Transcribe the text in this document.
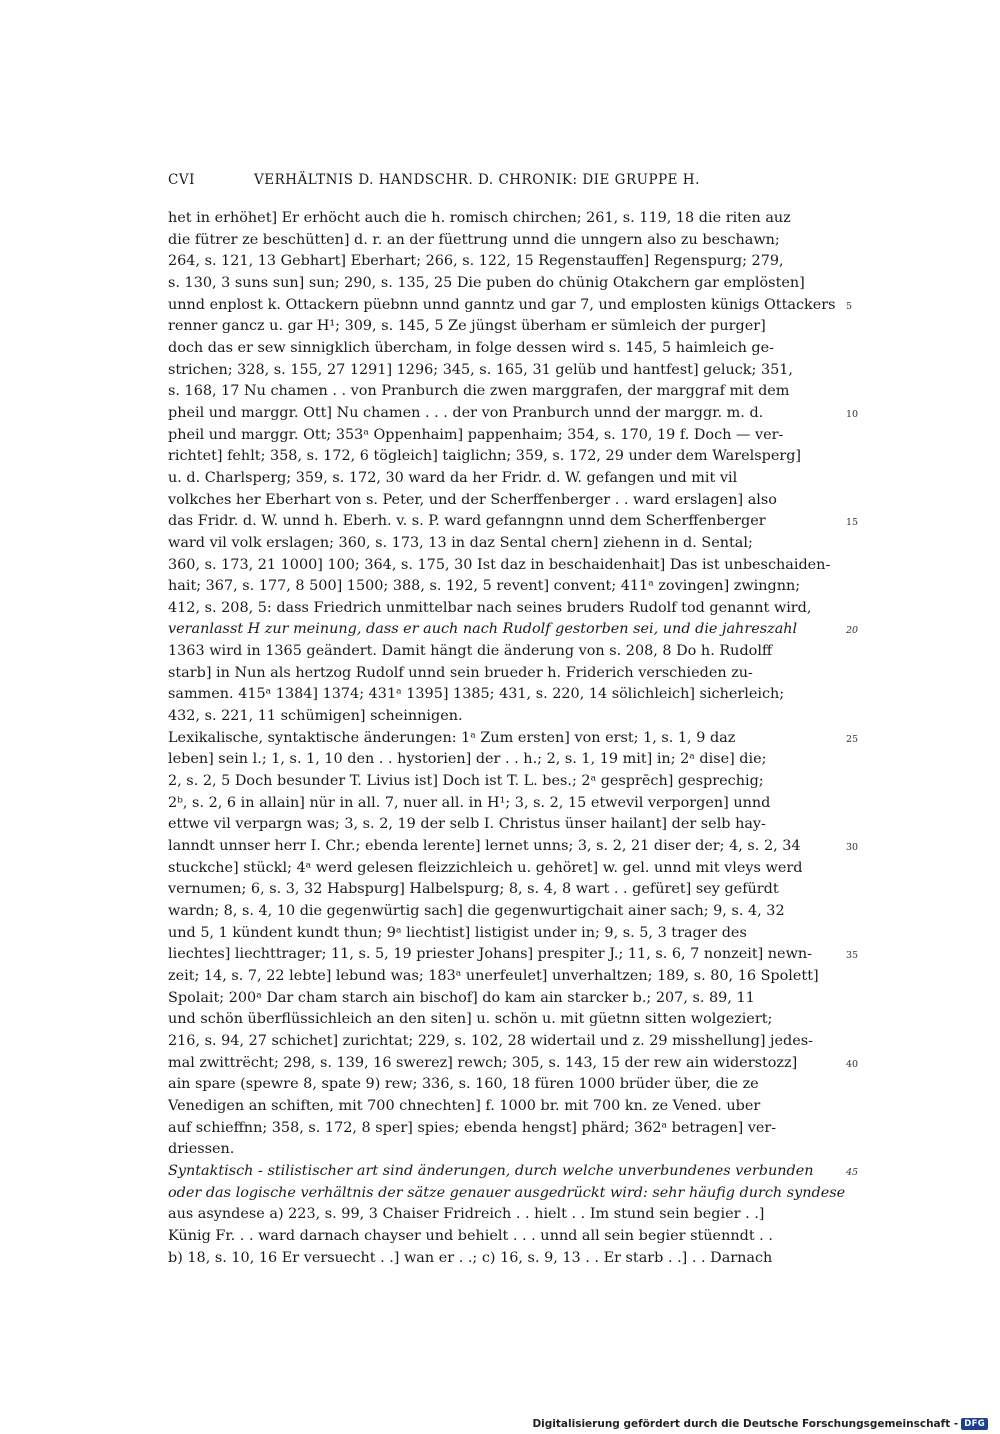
CVI	VERHÄLTNIS D. HANDSCHR. D. CHRONIK: DIE GRUPPE H.
het in erhöhet] Er erhöcht auch die h. romisch chirchen; 261, s. 119, 18 die riten auz
die fütrer ze beschütten] d. r. an der füettrung unnd die unngern also zu beschawn;
264, s. 121, 13 Gebhart] Eberhart; 266, s. 122, 15 Regenstauffen] Regenspurg; 279,
s. 130, 3 suns sun] sun; 290, s. 135, 25 Die puben do chünig Otakchern gar emplösten]
unnd enplost k. Ottackern püebnn unnd ganntz und gar 7, und emplosten künigs Ottackers 5
renner gancz u. gar H¹; 309, s. 145, 5 Ze jüngst überham er sümleich der purger]
doch das er sew sinnigklich übercham, in folge dessen wird s. 145, 5 haimleich ge-
strichen; 328, s. 155, 27 1291] 1296; 345, s. 165, 31 gelüb und hantfest] geluck; 351,
s. 168, 17 Nu chamen . . von Pranburch die zwen marggrafen, der marggraf mit dem
pheil und marggr. Ott] Nu chamen . . . der von Pranburch unnd der marggr. m. d.	10
pheil und marggr. Ott; 353ᵃ Oppenhaim] pappenhaim; 354, s. 170, 19 f. Doch — ver-
richtet] fehlt; 358, s. 172, 6 tögleich] taiglichn; 359, s. 172, 29 under dem Warelsperg]
u. d. Charlsperg; 359, s. 172, 30 ward da her Fridr. d. W. gefangen und mit vil
volkches her Eberhart von s. Peter, und der Scherffenberger . . ward erslagen] also
das Fridr. d. W. unnd h. Eberh. v. s. P. ward gefanngnn unnd dem Scherffenberger	15
ward vil volk erslagen; 360, s. 173, 13 in daz Sental chern] ziehenn in d. Sental;
360, s. 173, 21 1000] 100; 364, s. 175, 30 Ist daz in beschaidenhait] Das ist unbeschaiden-
hait; 367, s. 177, 8 500] 1500; 388, s. 192, 5 revent] convent; 411ᵃ zovingen] zwingnn;
412, s. 208, 5: dass Friedrich unmittelbar nach seines bruders Rudolf tod genannt wird,
veranlasst H zur meinung, dass er auch nach Rudolf gestorben sei, und die jahreszahl	20
1363 wird in 1365 geändert. Damit hängt die änderung von s. 208, 8 Do h. Rudolff
starb] in Nun als hertzog Rudolf unnd sein brueder h. Friderich verschieden zu-
sammen. 415ᵃ 1384] 1374; 431ᵃ 1395] 1385; 431, s. 220, 14 sölichleich] sicherleich;
432, s. 221, 11 schümigen] scheinnigen.
Lexikalische, syntaktische änderungen: 1ᵃ Zum ersten] von erst; 1, s. 1, 9 daz	25
leben] sein l.; 1, s. 1, 10 den . . hystorien] der . . h.; 2, s. 1, 19 mit] in; 2ᵃ dise] die;
2, s. 2, 5 Doch besunder T. Livius ist] Doch ist T. L. bes.; 2ᵃ gesprēch] gesprechig;
2ᵇ, s. 2, 6 in allain] nür in all. 7, nuer all. in H¹; 3, s. 2, 15 etwevil verporgen] unnd
ettwe vil verpargn was; 3, s. 2, 19 der selb I. Christus ünser hailant] der selb hay-
lanndt unnser herr I. Chr.; ebenda lerente] lernet unns; 3, s. 2, 21 diser der; 4, s. 2, 34	30
stuckche] stückl; 4ᵃ werd gelesen fleizzichleich u. gehöret] w. gel. unnd mit vleys werd
vernumen; 6, s. 3, 32 Habspurg] Halbelspurg; 8, s. 4, 8 wart . . gefüret] sey gefürdt
wardn; 8, s. 4, 10 die gegenwürtig sach] die gegenwurtigchait ainer sach; 9, s. 4, 32
und 5, 1 kündent kundt thun; 9ᵃ liechtist] listigist under in; 9, s. 5, 3 trager des
liechtes] liechttrager; 11, s. 5, 19 priester Johans] prespiter J.; 11, s. 6, 7 nonzeit] newn-	35
zeit; 14, s. 7, 22 lebte] lebund was; 183ᵃ unerfeulet] unverhaltzen; 189, s. 80, 16 Spolett]
Spolait; 200ᵃ Dar cham starch ain bischof] do kam ain starcker b.; 207, s. 89, 11
und schön überflüssichleich an den siten] u. schön u. mit güetnn sitten wolgeziert;
216, s. 94, 27 schichet] zurichtat; 229, s. 102, 28 widertail und z. 29 misshellung] jedes-
mal zwittrëcht; 298, s. 139, 16 swerez] rewch; 305, s. 143, 15 der rew ain widerstozz]	40
ain spare (spewre 8, spate 9) rew; 336, s. 160, 18 füren 1000 brüder über, die ze
Venedigen an schiften, mit 700 chnechten] f. 1000 br. mit 700 kn. ze Vened. uber
auf schieffnn; 358, s. 172, 8 sper] spies; ebenda hengst] phärd; 362ᵃ betragen] ver-
driessen.
Syntaktisch - stilistischer art sind änderungen, durch welche unverbundenes verbunden	45
oder das logische verhältnis der sätze genauer ausgedrückt wird: sehr häufig durch syndese
aus asyndese a) 223, s. 99, 3 Chaiser Fridreich . . hielt . . Im stund sein begier . .]
Künig Fr. . . ward darnach chayser und behielt . . . unnd all sein begier stüenndt . .
b) 18, s. 10, 16 Er versuecht . .] wan er . .; c) 16, s. 9, 13 . . Er starb . .] . . Darnach
Digitalisierung gefördert durch die Deutsche Forschungsgemeinschaft - DFG
